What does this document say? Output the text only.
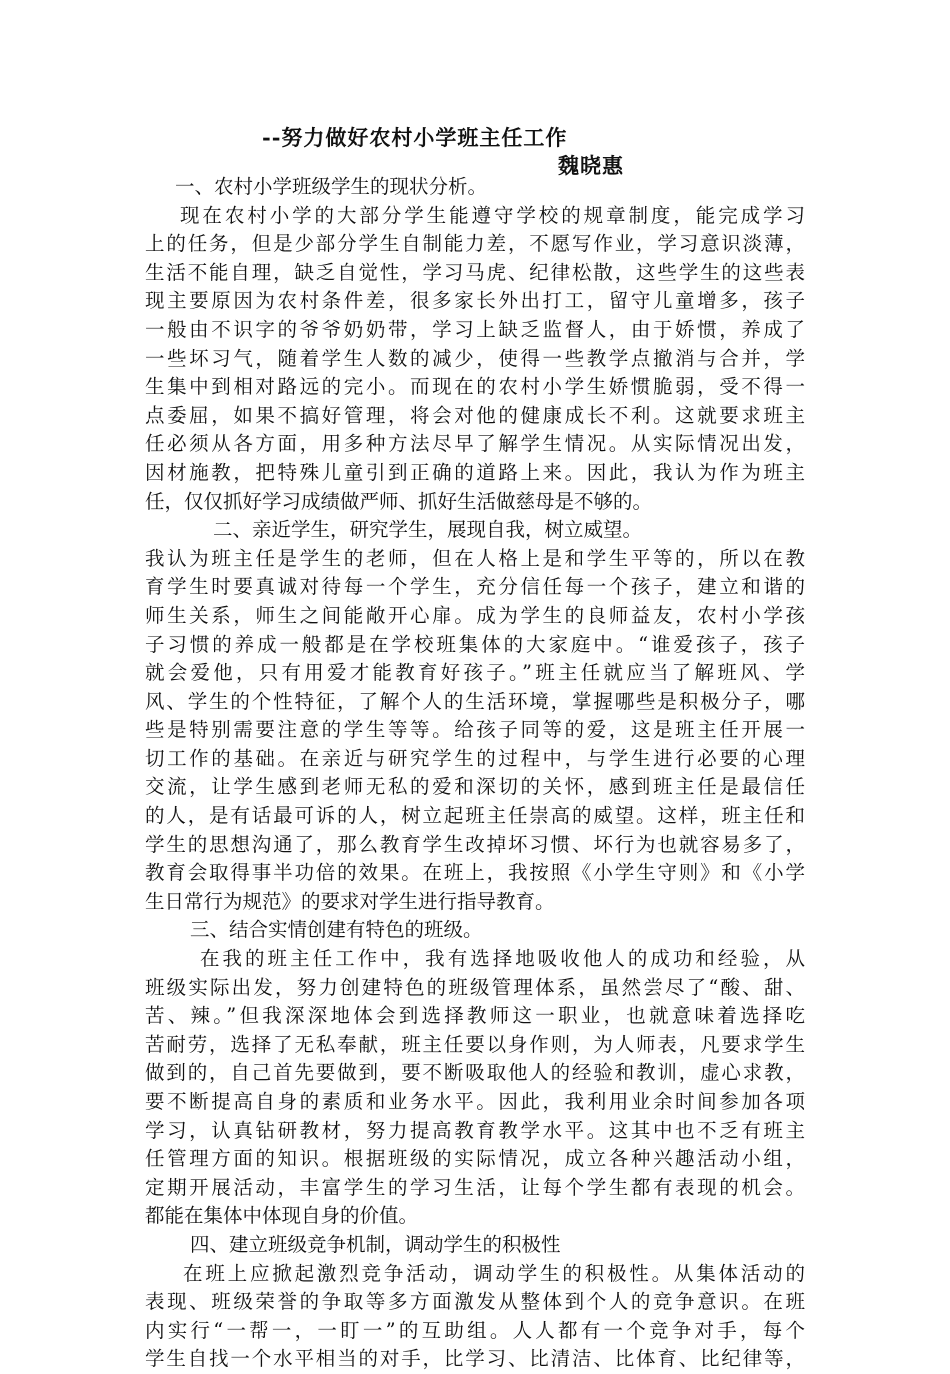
--努力做好农村小学班主任工作
魏晓惠
一、农村小学班级学生的现状分析。
现在农村小学的大部分学生能遵守学校的规章制度，能完成学习
上的任务，但是少部分学生自制能力差，不愿写作业，学习意识淡薄，
生活不能自理，缺乏自觉性，学习马虎、纪律松散，这些学生的这些表
现主要原因为农村条件差，很多家长外出打工，留守儿童增多，孩子
一般由不识字的爷爷奶奶带，学习上缺乏监督人，由于娇惯，养成了
一些坏习气，随着学生人数的减少，使得一些教学点撤消与合并，学
生集中到相对路远的完小。而现在的农村小学生娇惯脆弱，受不得一
点委屈，如果不搞好管理，将会对他的健康成长不利。这就要求班主
任必须从各方面，用多种方法尽早了解学生情况。从实际情况出发，
因材施教，把特殊儿童引到正确的道路上来。因此，我认为作为班主
任，仅仅抓好学习成绩做严师、抓好生活做慈母是不够的。
二、亲近学生，研究学生，展现自我，树立威望。
我认为班主任是学生的老师，但在人格上是和学生平等的，所以在教
育学生时要真诚对待每一个学生，充分信任每一个孩子，建立和谐的
师生关系，师生之间能敞开心扉。成为学生的良师益友，农村小学孩
子习惯的养成一般都是在学校班集体的大家庭中。“谁爱孩子，孩子
就会爱他，只有用爱才能教育好孩子。”班主任就应当了解班风、学
风、学生的个性特征，了解个人的生活环境，掌握哪些是积极分子，哪
些是特别需要注意的学生等等。给孩子同等的爱，这是班主任开展一
切工作的基础。在亲近与研究学生的过程中，与学生进行必要的心理
交流，让学生感到老师无私的爱和深切的关怀，感到班主任是最信任
的人，是有话最可诉的人，树立起班主任崇高的威望。这样，班主任和
学生的思想沟通了，那么教育学生改掉坏习惯、坏行为也就容易多了，
教育会取得事半功倍的效果。在班上，我按照《小学生守则》和《小学
生日常行为规范》的要求对学生进行指导教育。
三、结合实情创建有特色的班级。
在我的班主任工作中，我有选择地吸收他人的成功和经验，从
班级实际出发，努力创建特色的班级管理体系，虽然尝尽了“酸、甜、
苦、辣。”但我深深地体会到选择教师这一职业，也就意味着选择吃
苦耐劳，选择了无私奉献，班主任要以身作则，为人师表，凡要求学生
做到的，自己首先要做到，要不断吸取他人的经验和教训，虚心求教，
要不断提高自身的素质和业务水平。因此，我利用业余时间参加各项
学习，认真钻研教材，努力提高教育教学水平。这其中也不乏有班主
任管理方面的知识。根据班级的实际情况，成立各种兴趣活动小组，
定期开展活动，丰富学生的学习生活，让每个学生都有表现的机会。
都能在集体中体现自身的价值。
四、建立班级竞争机制，调动学生的积极性
在班上应掀起激烈竞争活动，调动学生的积极性。从集体活动的
表现、班级荣誉的争取等多方面激发从整体到个人的竞争意识。在班
内实行“一帮一，一盯一”的互助组。人人都有一个竞争对手，每个
学生自找一个水平相当的对手，比学习、比清洁、比体育、比纪律等，
